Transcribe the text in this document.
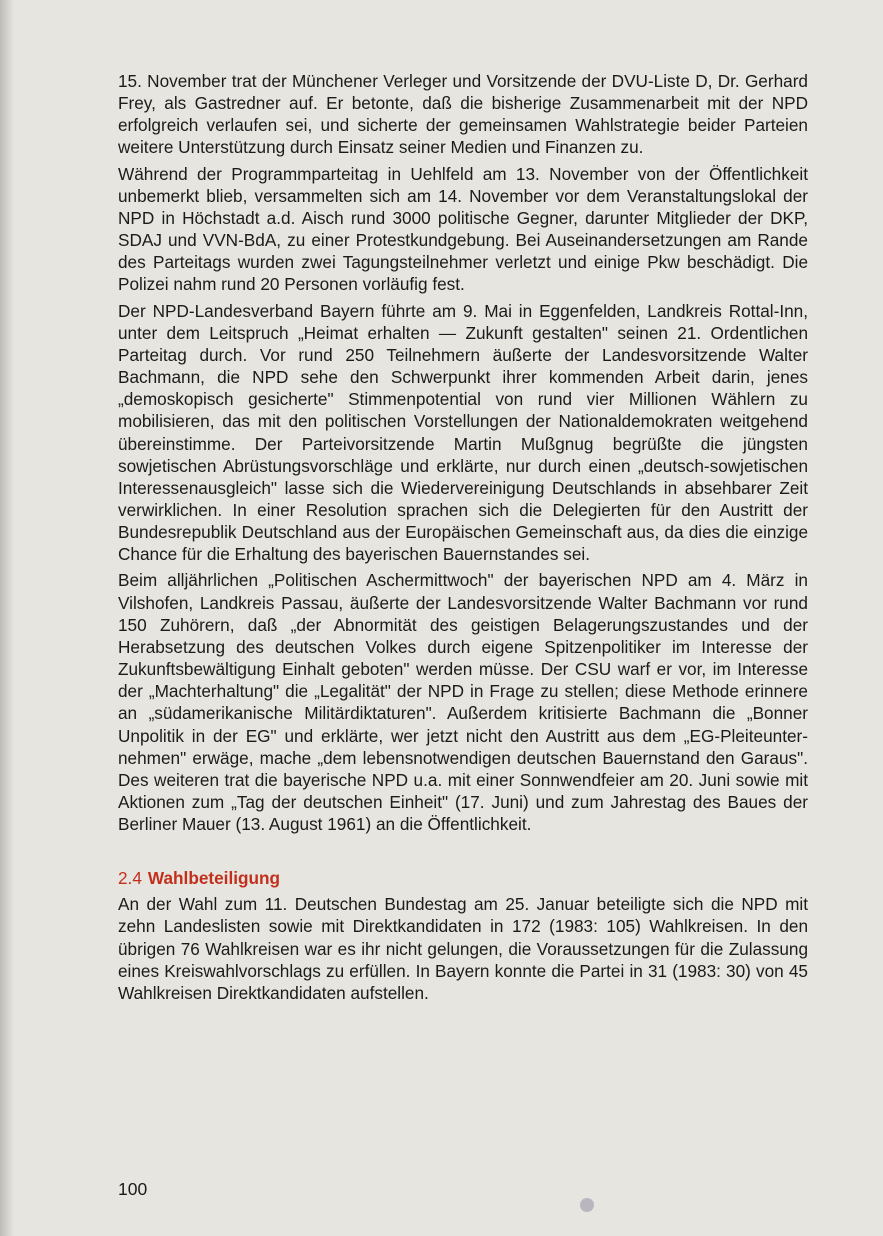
15. November trat der Münchener Verleger und Vorsitzende der DVU-Liste D, Dr. Gerhard Frey, als Gastredner auf. Er betonte, daß die bisherige Zusammenarbeit mit der NPD erfolgreich verlaufen sei, und sicherte der gemeinsamen Wahlstrategie beider Parteien weitere Unterstützung durch Einsatz seiner Medien und Finanzen zu.

Während der Programmparteitag in Uehlfeld am 13. November von der Öffentlichkeit unbemerkt blieb, versammelten sich am 14. November vor dem Veranstaltungslokal der NPD in Höchstadt a.d. Aisch rund 3000 politische Gegner, darunter Mitglieder der DKP, SDAJ und VVN-BdA, zu einer Protestkundgebung. Bei Auseinandersetzungen am Rande des Parteitags wurden zwei Tagungsteilnehmer verletzt und einige Pkw beschädigt. Die Polizei nahm rund 20 Personen vorläufig fest.

Der NPD-Landesverband Bayern führte am 9. Mai in Eggenfelden, Landkreis Rottal-Inn, unter dem Leitspruch „Heimat erhalten — Zukunft gestalten" seinen 21. Ordentlichen Parteitag durch. Vor rund 250 Teilnehmern äußerte der Landesvorsitzende Walter Bachmann, die NPD sehe den Schwerpunkt ihrer kommenden Arbeit darin, jenes „demoskopisch gesicherte" Stimmenpotential von rund vier Millionen Wählern zu mobilisieren, das mit den politischen Vorstellungen der Nationaldemokraten weitgehend übereinstimme. Der Parteivorsitzende Martin Mußgnug begrüßte die jüngsten sowjetischen Abrüstungsvorschläge und erklärte, nur durch einen „deutsch-sowjetischen Interessenausgleich" lasse sich die Wiedervereinigung Deutschlands in absehbarer Zeit verwirklichen. In einer Resolution sprachen sich die Delegierten für den Austritt der Bundesrepublik Deutschland aus der Europäischen Gemeinschaft aus, da dies die einzige Chance für die Erhaltung des bayerischen Bauernstandes sei.

Beim alljährlichen „Politischen Aschermittwoch" der bayerischen NPD am 4. März in Vilshofen, Landkreis Passau, äußerte der Landesvorsitzende Walter Bachmann vor rund 150 Zuhörern, daß „der Abnormität des geistigen Belagerungszustandes und der Herabsetzung des deutschen Volkes durch eigene Spitzenpolitiker im Interesse der Zukunftsbewältigung Einhalt geboten" werden müsse. Der CSU warf er vor, im Interesse der „Machterhaltung" die „Legalität" der NPD in Frage zu stellen; diese Methode erinnere an „südamerikanische Militärdiktaturen". Außerdem kritisierte Bachmann die „Bonner Unpolitik in der EG" und erklärte, wer jetzt nicht den Austritt aus dem „EG-Pleiteunternehmen" erwäge, mache „dem lebensnotwendigen deutschen Bauernstand den Garaus". Des weiteren trat die bayerische NPD u.a. mit einer Sonnwendfeier am 20. Juni sowie mit Aktionen zum „Tag der deutschen Einheit" (17. Juni) und zum Jahrestag des Baues der Berliner Mauer (13. August 1961) an die Öffentlichkeit.

2.4 Wahlbeteiligung

An der Wahl zum 11. Deutschen Bundestag am 25. Januar beteiligte sich die NPD mit zehn Landeslisten sowie mit Direktkandidaten in 172 (1983: 105) Wahlkreisen. In den übrigen 76 Wahlkreisen war es ihr nicht gelungen, die Voraussetzungen für die Zulassung eines Kreiswahlvorschlags zu erfüllen. In Bayern konnte die Partei in 31 (1983: 30) von 45 Wahlkreisen Direktkandidaten aufstellen.

100
